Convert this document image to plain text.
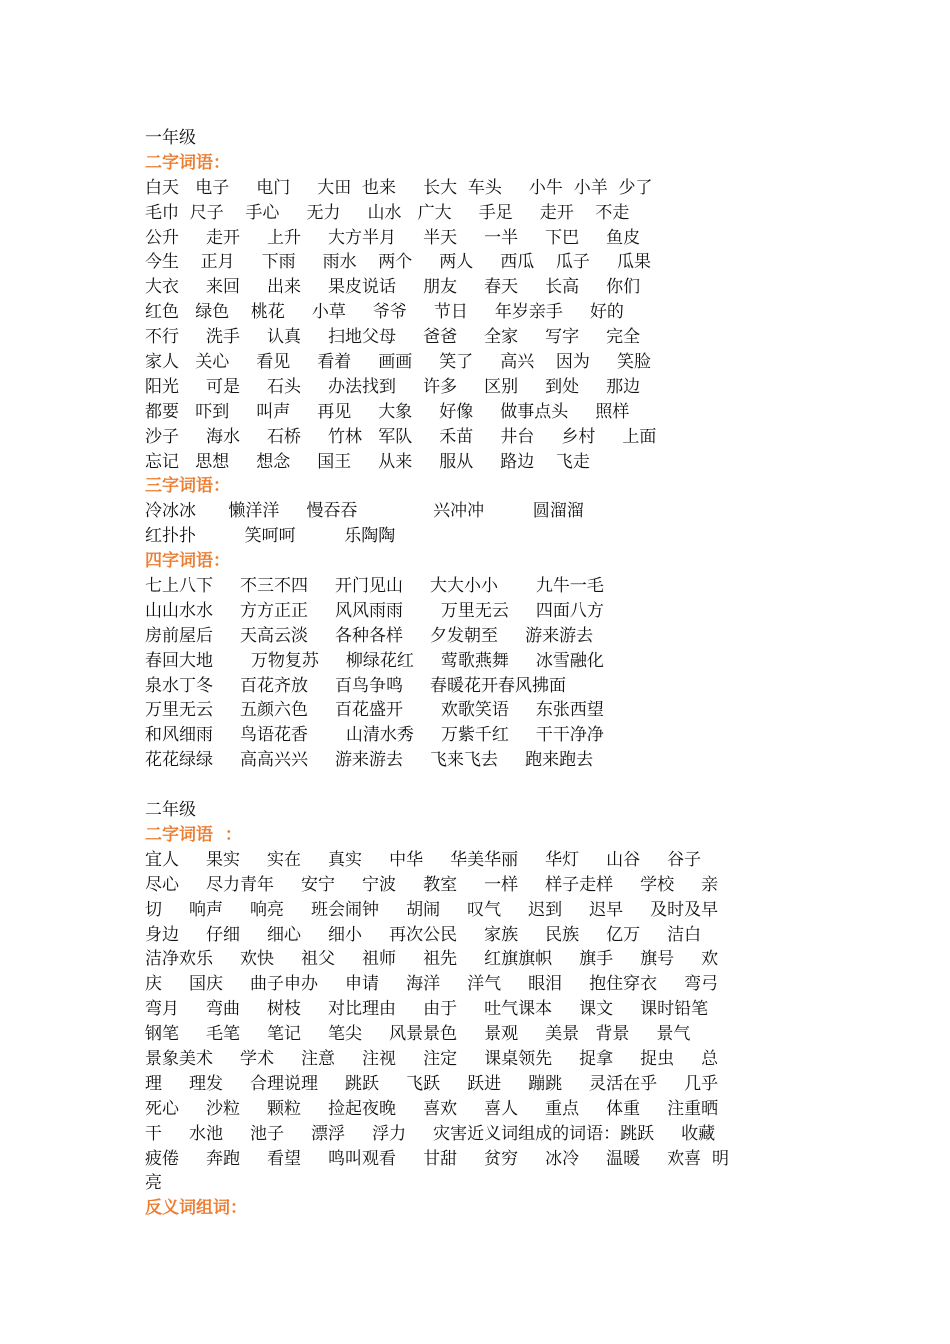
一年级
二字词语：
白天   电子     电门     大田  也来     长大  车头     小牛  小羊  少了
毛巾  尺子    手心     无力     山水   广大     手足     走开    不走
公升     走开     上升     大方半月     半天     一半     下巴     鱼皮
今生    正月     下雨     雨水    两个     两人     西瓜    瓜子     瓜果
大衣     来回     出来     果皮说话     朋友     春天     长高     你们
红色   绿色    桃花     小草     爷爷     节日     年岁亲手     好的
不行     洗手     认真     扫地父母     爸爸     全家     写字     完全
家人   关心     看见     看着     画画     笑了     高兴    因为     笑脸
阳光     可是     石头     办法找到     许多     区别     到处     那边
都要   吓到     叫声     再见     大象     好像     做事点头     照样
沙子     海水     石桥     竹林   军队     禾苗     井台     乡村     上面
忘记   思想     想念     国王     从来     服从     路边    飞走
三字词语：
冷冰冰      懒洋洋     慢吞吞              兴冲冲         圆溜溜
红扑扑         笑呵呵         乐陶陶
四字词语：
七上八下     不三不四     开门见山     大大小小       九牛一毛
山山水水     方方正正     风风雨雨       万里无云     四面八方
房前屋后     天高云淡     各种各样     夕发朝至     游来游去
春回大地       万物复苏     柳绿花红     莺歌燕舞     冰雪融化
泉水丁冬     百花齐放     百鸟争鸣     春暖花开春风拂面
万里无云     五颜六色     百花盛开       欢歌笑语     东张西望
和风细雨     鸟语花香       山清水秀     万紫千红     干干净净
花花绿绿     高高兴兴     游来游去     飞来飞去     跑来跑去
二年级
二字词语  ：
宜人     果实     实在     真实     中华     华美华丽     华灯     山谷     谷子
尽心     尽力青年     安宁     宁波     教室     一样     样子走样     学校     亲
切     响声     响亮     班会闹钟     胡闹     叹气     迟到     迟早     及时及早
身边     仔细     细心     细小     再次公民     家族     民族     亿万     洁白
洁净欢乐     欢快     祖父     祖师     祖先     红旗旗帜     旗手     旗号     欢
庆     国庆     曲子申办     申请     海洋     洋气     眼泪     抱住穿衣     弯弓
弯月     弯曲     树枝     对比理由     由于     吐气课本     课文     课时铅笔
钢笔     毛笔     笔记     笔尖     风景景色     景观     美景   背景     景气
景象美术     学术     注意     注视     注定     课桌领先     捉拿     捉虫     总
理     理发     合理说理     跳跃     飞跃     跃进     蹦跳     灵活在乎     几乎
死心     沙粒     颗粒     捡起夜晚     喜欢     喜人     重点     体重     注重晒
干     水池     池子     漂浮     浮力     灾害近义词组成的词语：跳跃     收藏
疲倦     奔跑     看望     鸣叫观看     甘甜     贫穷     冰冷     温暖     欢喜  明
亮
反义词组词：
